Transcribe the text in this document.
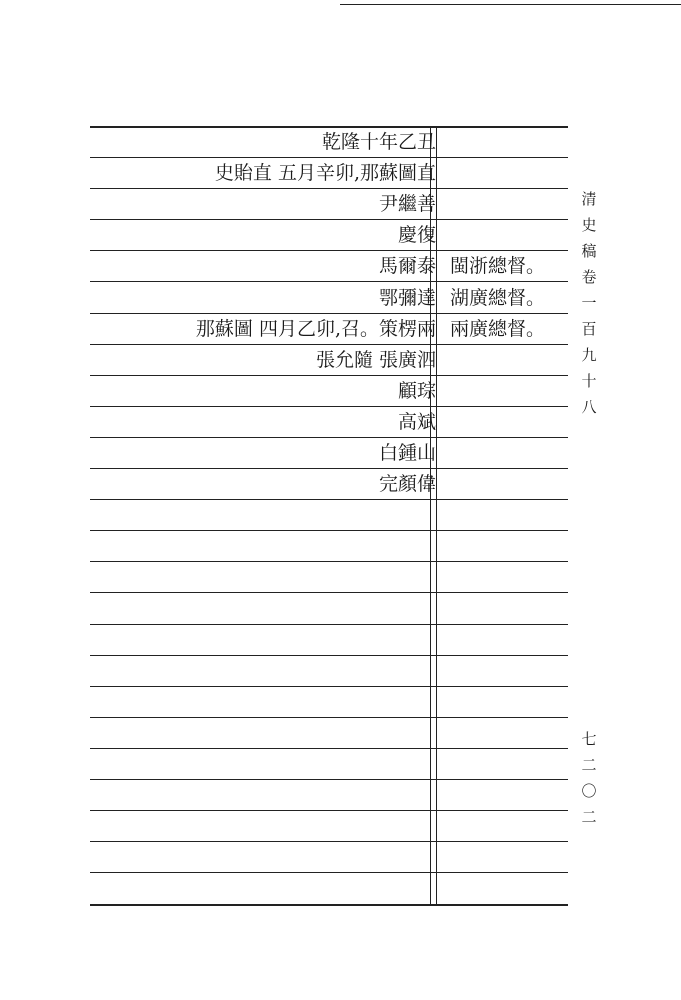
乾隆十年乙丑
史貽直 五月辛卯,那蘇圖直
尹繼善
慶復
馬爾泰 閩浙總督。
鄂彌達 湖廣總督。
那蘇圖 四月乙卯,召。策楞兩 兩廣總督。
張允隨 張廣泗
顧琮
高斌
白鍾山
完顏偉
清
史
稿
卷
一
百
九
十
八
七
二
〇
二
